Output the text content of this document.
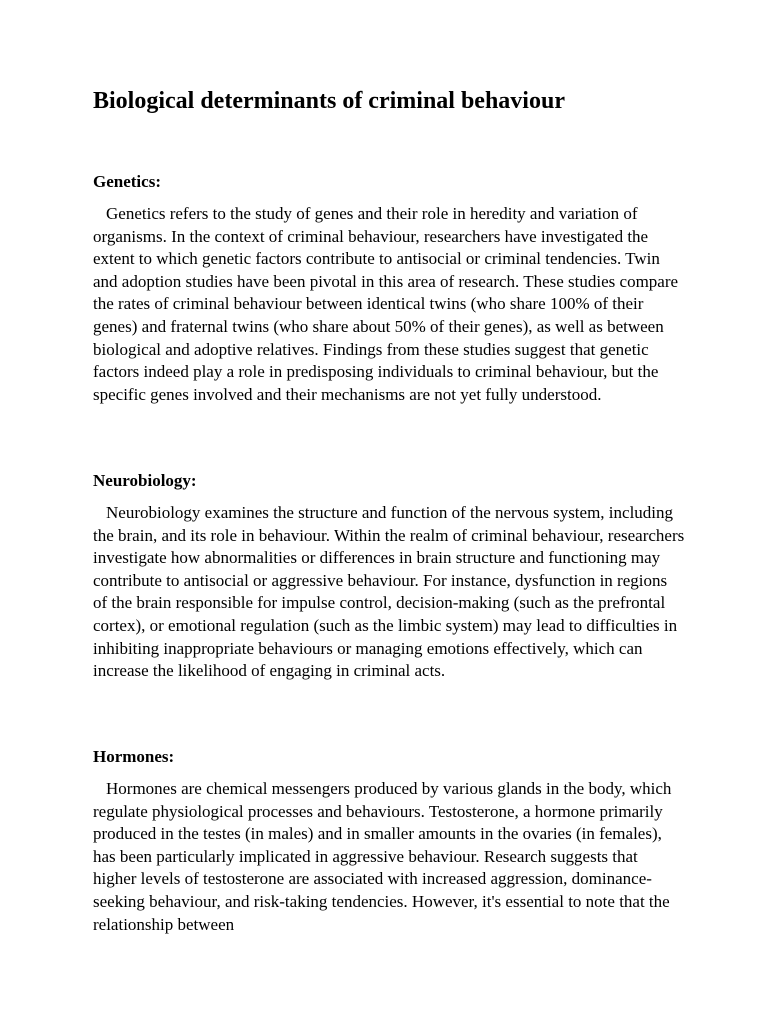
Biological determinants of criminal behaviour

Genetics:

Genetics refers to the study of genes and their role in heredity and variation of organisms. In the context of criminal behaviour, researchers have investigated the extent to which genetic factors contribute to antisocial or criminal tendencies. Twin and adoption studies have been pivotal in this area of research. These studies compare the rates of criminal behaviour between identical twins (who share 100% of their genes) and fraternal twins (who share about 50% of their genes), as well as between biological and adoptive relatives. Findings from these studies suggest that genetic factors indeed play a role in predisposing individuals to criminal behaviour, but the specific genes involved and their mechanisms are not yet fully understood.

Neurobiology:

Neurobiology examines the structure and function of the nervous system, including the brain, and its role in behaviour. Within the realm of criminal behaviour, researchers investigate how abnormalities or differences in brain structure and functioning may contribute to antisocial or aggressive behaviour. For instance, dysfunction in regions of the brain responsible for impulse control, decision-making (such as the prefrontal cortex), or emotional regulation (such as the limbic system) may lead to difficulties in inhibiting inappropriate behaviours or managing emotions effectively, which can increase the likelihood of engaging in criminal acts.

Hormones:

Hormones are chemical messengers produced by various glands in the body, which regulate physiological processes and behaviours. Testosterone, a hormone primarily produced in the testes (in males) and in smaller amounts in the ovaries (in females), has been particularly implicated in aggressive behaviour. Research suggests that higher levels of testosterone are associated with increased aggression, dominance-seeking behaviour, and risk-taking tendencies. However, it's essential to note that the relationship between
